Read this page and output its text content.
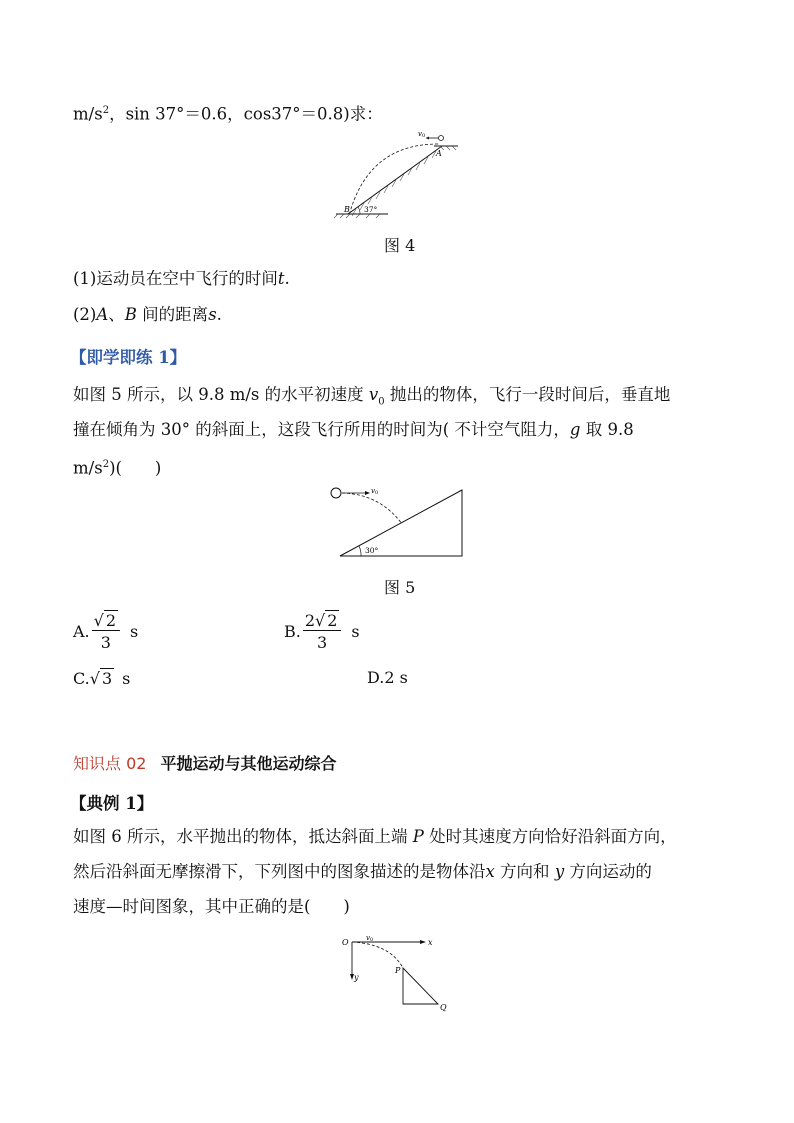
$m/s^2$，sin 37°＝0.6，cos37°＝0.8)求：
v 0
A
B 37°
图 4
(1)运动员在空中飞行的时间t.
(2)A、B 间的距离s.
【即学即练 1】
如图 5 所示，以 9.8 m/s 的水平初速度 $v_0$ 抛出的物体，飞行一段时间后，垂直地
撞在倾角为 30° 的斜面上，这段飞行所用的时间为( 不计空气阻力，g 取 9.8
$m/s^2$)(　　)
v 0
30°
图 5
A. $\frac{√ 2}{3}$ s	B. $\frac{2 √ 2}{3}$ s
C. √ 3 s	D.2 s
知识点 02 平抛运动与其他运动综合
【典例 1】
如图 6 所示，水平抛出的物体，抵达斜面上端 P 处时其速度方向恰好沿斜面方向，
然后沿斜面无摩擦滑下，下列图中的图象描述的是物体沿x 方向和 y 方向运动的
速度—时间图象，其中正确的是(　　)
O	x
y
v 0
P
Q
